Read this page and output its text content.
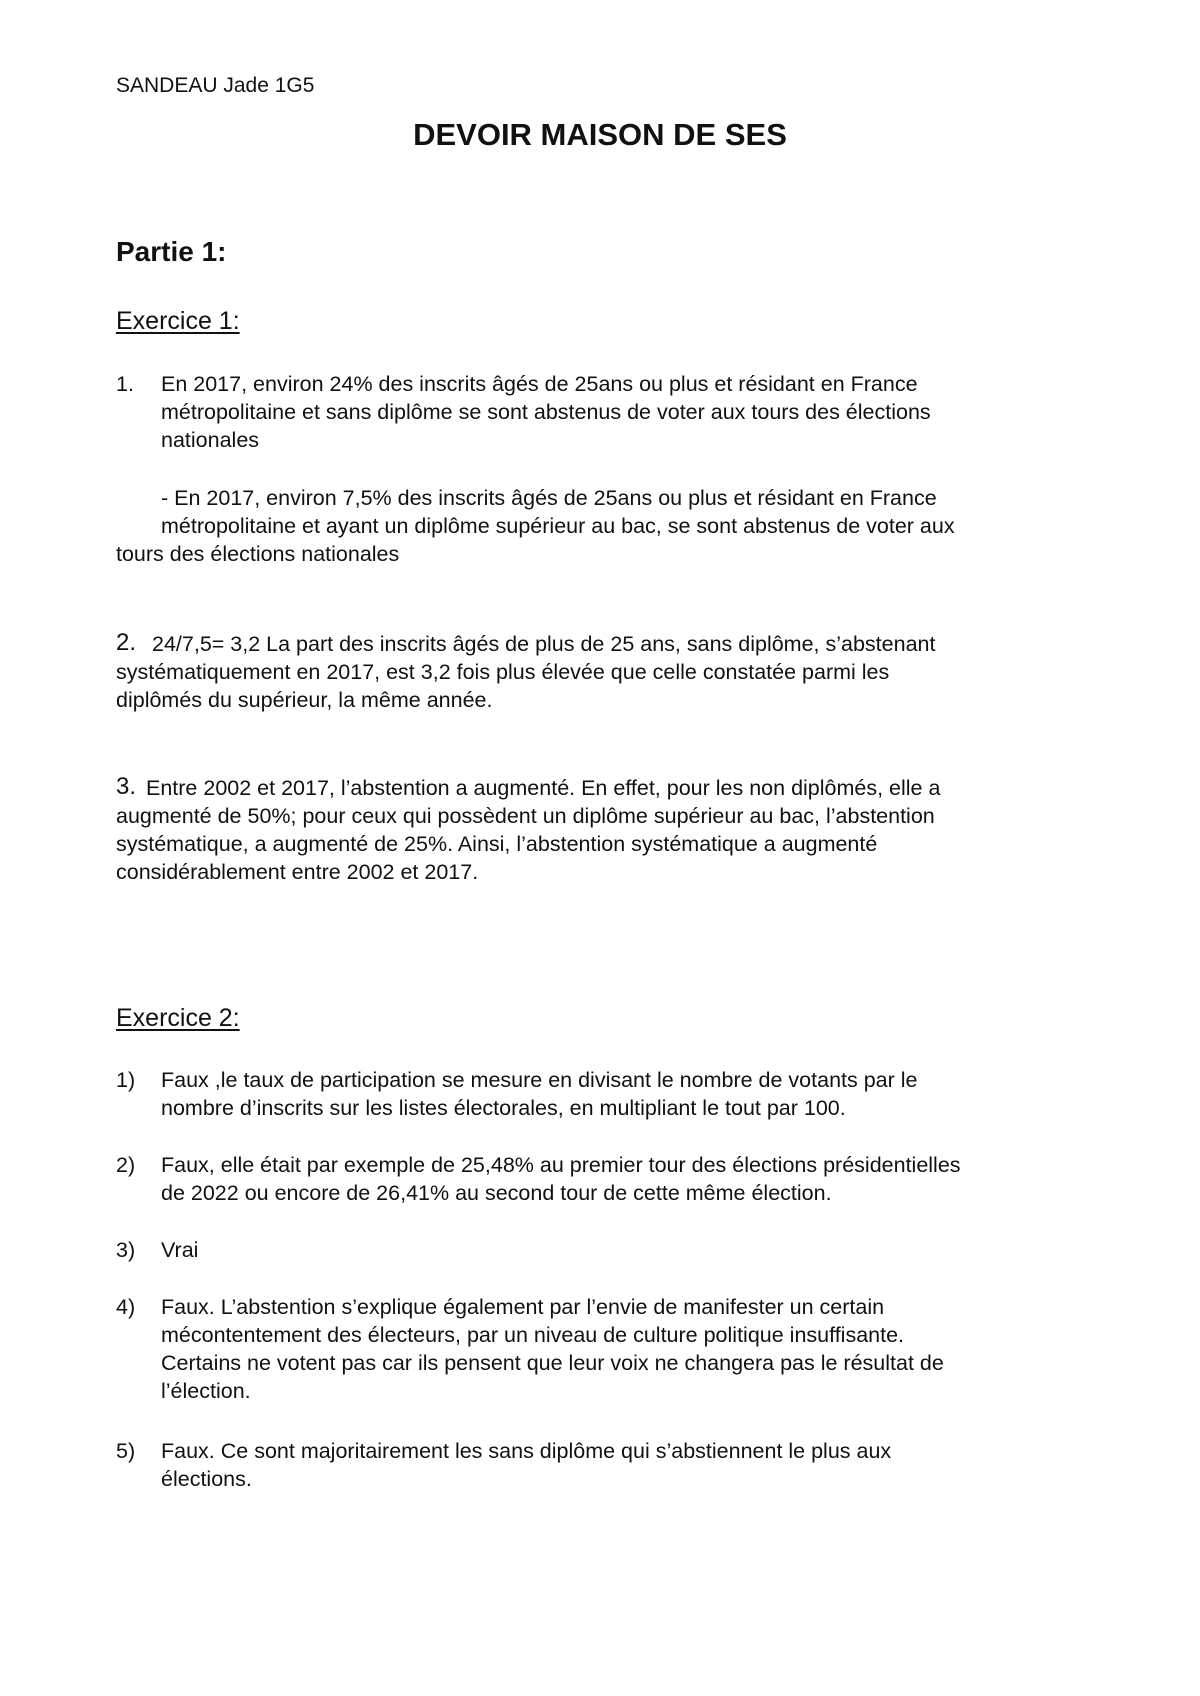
SANDEAU Jade 1G5
DEVOIR MAISON DE SES
Partie 1:
Exercice 1:
1. En 2017, environ 24% des inscrits âgés de 25ans ou plus et résidant en France
métropolitaine et sans diplôme se sont abstenus de voter aux tours des élections
nationales
- En 2017, environ 7,5% des inscrits âgés de 25ans ou plus et résidant en France
métropolitaine et ayant un diplôme supérieur au bac, se sont abstenus de voter aux
tours des élections nationales
2. 24/7,5= 3,2 La part des inscrits âgés de plus de 25 ans, sans diplôme, s’abstenant
systématiquement en 2017, est 3,2 fois plus élevée que celle constatée parmi les
diplômés du supérieur, la même année.
3. Entre 2002 et 2017, l’abstention a augmenté. En effet, pour les non diplômés, elle a
augmenté de 50%; pour ceux qui possèdent un diplôme supérieur au bac, l’abstention
systématique, a augmenté de 25%. Ainsi, l’abstention systématique a augmenté
considérablement entre 2002 et 2017.
Exercice 2:
1) Faux ,le taux de participation se mesure en divisant le nombre de votants par le
nombre d’inscrits sur les listes électorales, en multipliant le tout par 100.
2) Faux, elle était par exemple de 25,48% au premier tour des élections présidentielles
de 2022 ou encore de 26,41% au second tour de cette même élection.
3) Vrai
4) Faux. L’abstention s’explique également par l’envie de manifester un certain
mécontentement des électeurs, par un niveau de culture politique insuffisante.
Certains ne votent pas car ils pensent que leur voix ne changera pas le résultat de
l’élection.
5) Faux. Ce sont majoritairement les sans diplôme qui s’abstiennent le plus aux
élections.
